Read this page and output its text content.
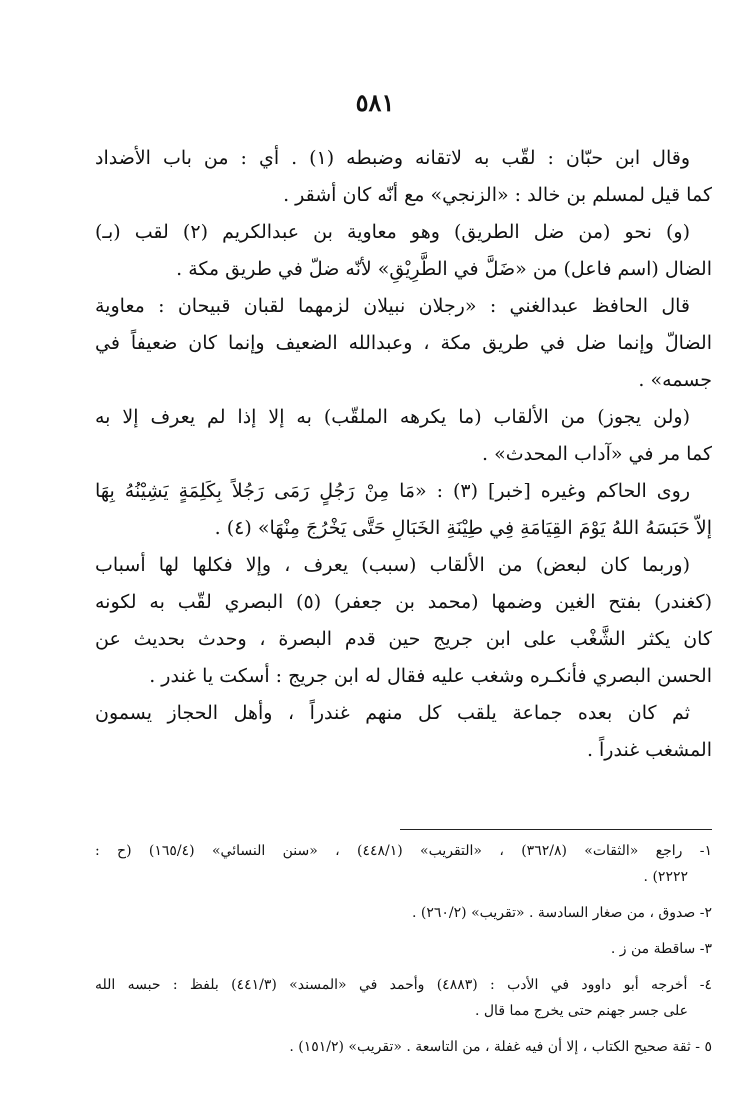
٥٨١
وقال ابن حبّان : لقّب به لاتقانه وضبطه (١) . أي : من باب الأضداد
كما قيل لمسلم بن خالد : «الزنجي» مع أنّه كان أشقر .
(و) نحو (من ضل الطريق) وهو معاوية بن عبدالكريم (٢) لقب (بـ)
الضال (اسم فاعل) من «ضَلَّ في الطَّرِيْقِ» لأنّه ضلّ في طريق مكة .
قال الحافظ عبدالغني : «رجلان نبيلان لزمهما لقبان قبيحان : معاوية
الضالّ وإنما ضل في طريق مكة ، وعبدالله الضعيف وإنما كان ضعيفاً في
جسمه» .
(ولن يجوز) من الألقاب (ما يكرهه الملقّب) به إلا إذا لم يعرف إلا به
كما مر في «آداب المحدث» .
روى الحاكم وغيره [خبر] (٣) : «مَا مِنْ رَجُلٍ رَمَى رَجُلاً بِكَلِمَةٍ يَشِيْنُهُ بِهَا
إلاّ حَبَسَهُ اللهُ يَوْمَ القِيَامَةِ فِي طِيْنَةِ الخَبَالِ حَتَّى يَخْرُجَ مِنْهَا» (٤) .
(وربما كان لبعض) من الألقاب (سبب) يعرف ، وإلا فكلها لها أسباب
(كغندر) بفتح الغين وضمها (محمد بن جعفر) (٥) البصري لقّب به لكونه
كان يكثر الشَّغْب على ابن جريج حين قدم البصرة ، وحدث بحديث عن
الحسن البصري فأنكـره وشغب عليه فقال له ابن جريج : أسكت يا غندر .
ثم كان بعده جماعة يلقب كل منهم غندراً ، وأهل الحجاز يسمون
المشغب غندراً .
١- راجع «الثقات» (٣٦٢/٨) ، «التقريب» (٤٤٨/١) ، «سنن النسائي» (١٦٥/٤) (ح :
٢٢٢٢) .
٢- صدوق ، من صغار السادسة . «تقريب» (٢٦٠/٢) .
٣- ساقطة من ز .
٤- أخرجه أبو داوود في الأدب : (٤٨٨٣) وأحمد في «المسند» (٤٤١/٣) بلفظ : حبسه الله
على جسر جهنم حتى يخرج مما قال .
٥ - ثقة صحيح الكتاب ، إلا أن فيه غفلة ، من التاسعة . «تقريب» (١٥١/٢) .
